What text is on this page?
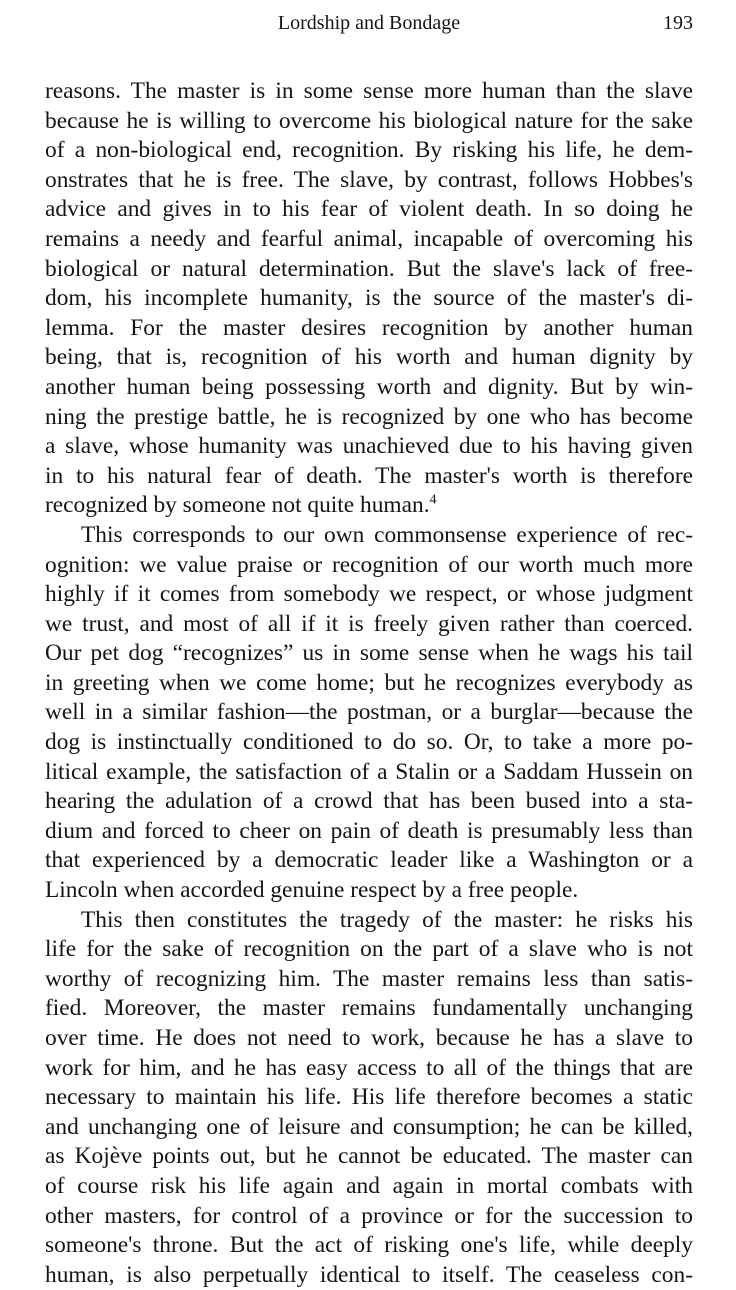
Lordship and Bondage	193

reasons. The master is in some sense more human than the slave

because he is willing to overcome his biological nature for the sake

of a non-biological end, recognition. By risking his life, he dem-

onstrates that he is free. The slave, by contrast, follows Hobbes's

advice and gives in to his fear of violent death. In so doing he

remains a needy and fearful animal, incapable of overcoming his

biological or natural determination. But the slave's lack of free-

dom, his incomplete humanity, is the source of the master's di-

lemma. For the master desires recognition by another human

being, that is, recognition of his worth and human dignity by

another human being possessing worth and dignity. But by win-

ning the prestige battle, he is recognized by one who has become

a slave, whose humanity was unachieved due to his having given

in to his natural fear of death. The master's worth is therefore

recognized by someone not quite human.$^4$

This corresponds to our own commonsense experience of rec-

ognition: we value praise or recognition of our worth much more

highly if it comes from somebody we respect, or whose judgment

we trust, and most of all if it is freely given rather than coerced.

Our pet dog “recognizes” us in some sense when he wags his tail

in greeting when we come home; but he recognizes everybody as

well in a similar fashion—the postman, or a burglar—because the

dog is instinctually conditioned to do so. Or, to take a more po-

litical example, the satisfaction of a Stalin or a Saddam Hussein on

hearing the adulation of a crowd that has been bused into a sta-

dium and forced to cheer on pain of death is presumably less than

that experienced by a democratic leader like a Washington or a

Lincoln when accorded genuine respect by a free people.

This then constitutes the tragedy of the master: he risks his

life for the sake of recognition on the part of a slave who is not

worthy of recognizing him. The master remains less than satis-

fied. Moreover, the master remains fundamentally unchanging

over time. He does not need to work, because he has a slave to

work for him, and he has easy access to all of the things that are

necessary to maintain his life. His life therefore becomes a static

and unchanging one of leisure and consumption; he can be killed,

as Kojève points out, but he cannot be educated. The master can

of course risk his life again and again in mortal combats with

other masters, for control of a province or for the succession to

someone's throne. But the act of risking one's life, while deeply

human, is also perpetually identical to itself. The ceaseless con-
